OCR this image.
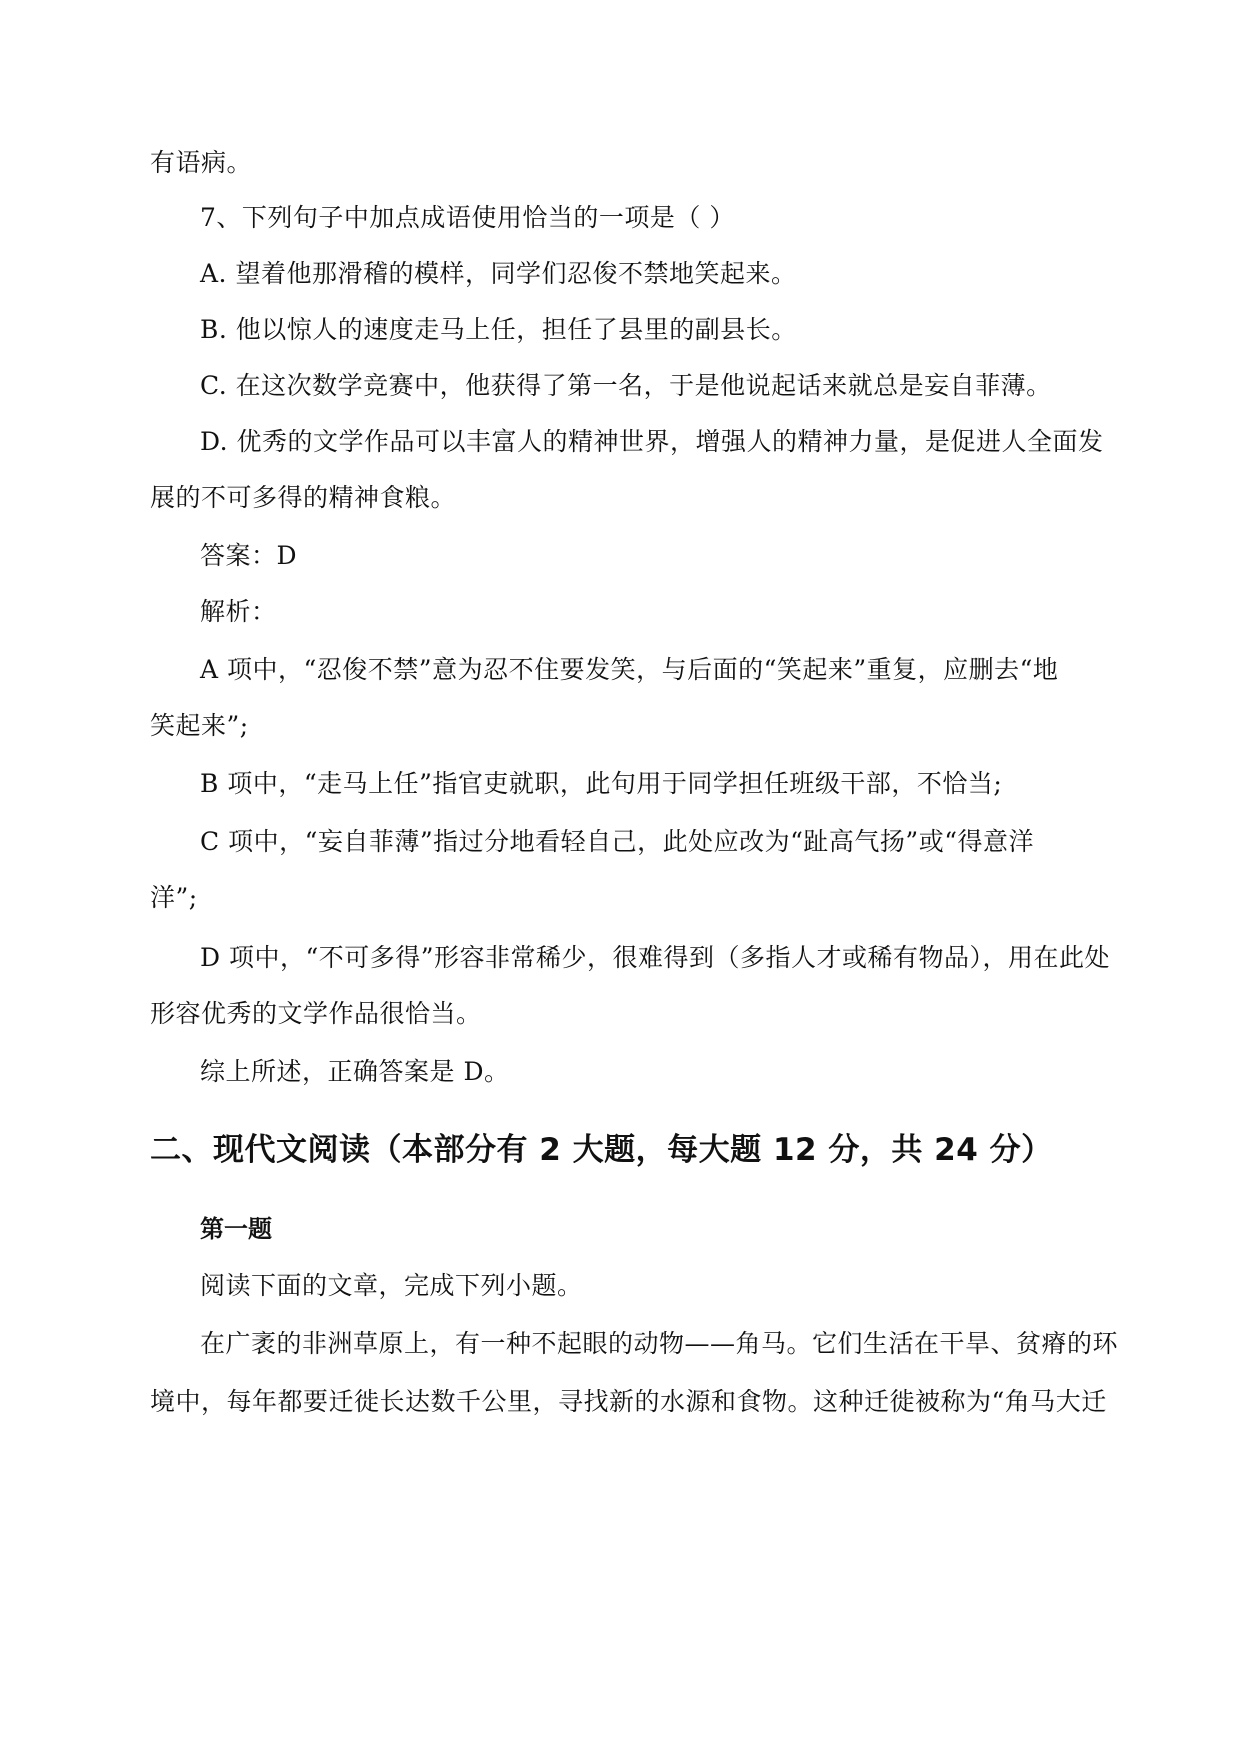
有语病。
7、下列句子中加点成语使用恰当的一项是（ ）
A. 望着他那滑稽的模样，同学们忍俊不禁地笑起来。
B. 他以惊人的速度走马上任，担任了县里的副县长。
C. 在这次数学竞赛中，他获得了第一名，于是他说起话来就总是妄自菲薄。
D. 优秀的文学作品可以丰富人的精神世界，增强人的精神力量，是促进人全面发
展的不可多得的精神食粮。
答案：D
解析：
A 项中，“忍俊不禁”意为忍不住要发笑，与后面的“笑起来”重复，应删去“地
笑起来”;
B 项中，“走马上任”指官吏就职，此句用于同学担任班级干部，不恰当;
C 项中，“妄自菲薄”指过分地看轻自己，此处应改为“趾高气扬”或“得意洋
洋”;
D 项中，“不可多得”形容非常稀少，很难得到（多指人才或稀有物品），用在此处
形容优秀的文学作品很恰当。
综上所述，正确答案是 D。
二、现代文阅读（本部分有 2 大题，每大题 12 分，共 24 分）
第一题
阅读下面的文章，完成下列小题。
在广袤的非洲草原上，有一种不起眼的动物——角马。它们生活在干旱、贫瘠的环
境中，每年都要迁徙长达数千公里，寻找新的水源和食物。这种迁徙被称为“角马大迁
